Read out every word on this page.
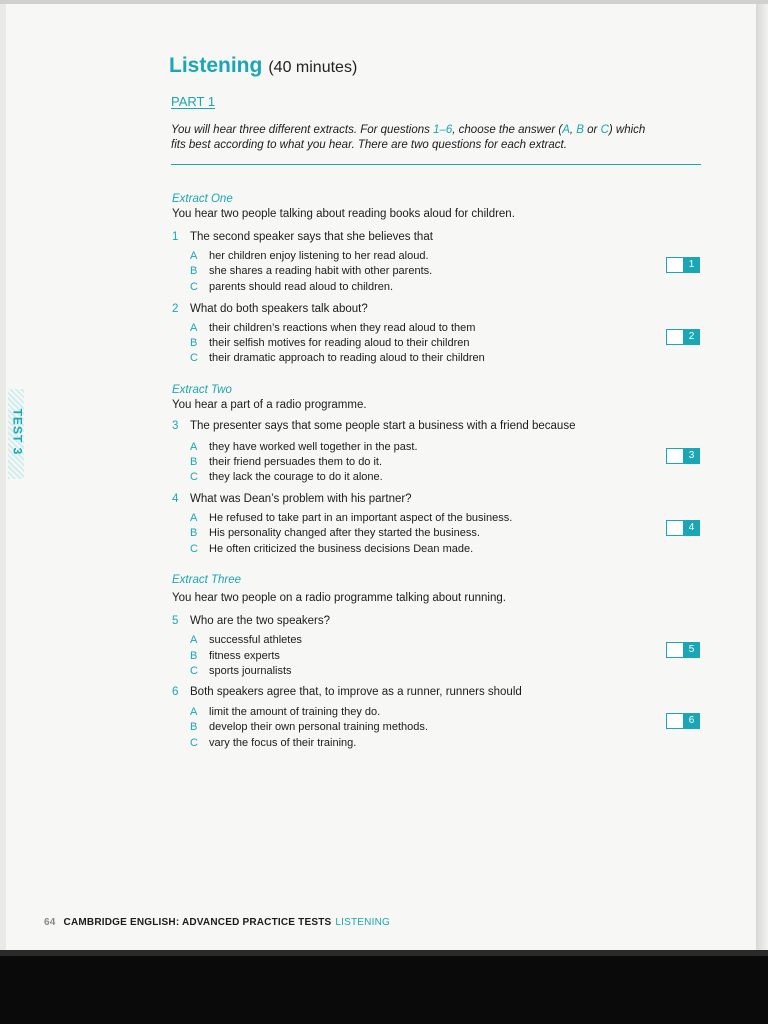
Listening (40 minutes)
PART 1
You will hear three different extracts. For questions 1–6, choose the answer (A, B or C) which
fits best according to what you hear. There are two questions for each extract.
Extract One
You hear two people talking about reading books aloud for children.
1 The second speaker says that she believes that
A her children enjoy listening to her read aloud.
B she shares a reading habit with other parents.
C parents should read aloud to children.
1
2 What do both speakers talk about?
A their children’s reactions when they read aloud to them
B their selfish motives for reading aloud to their children
C their dramatic approach to reading aloud to their children
2
Extract Two
You hear a part of a radio programme.
3 The presenter says that some people start a business with a friend because
A they have worked well together in the past.
B their friend persuades them to do it.
C they lack the courage to do it alone.
3
4 What was Dean’s problem with his partner?
A He refused to take part in an important aspect of the business.
B His personality changed after they started the business.
C He often criticized the business decisions Dean made.
4
Extract Three
You hear two people on a radio programme talking about running.
5 Who are the two speakers?
A successful athletes
B fitness experts
C sports journalists
5
6 Both speakers agree that, to improve as a runner, runners should
A limit the amount of training they do.
B develop their own personal training methods.
C vary the focus of their training.
6
TEST 3
64 CAMBRIDGE ENGLISH: ADVANCED PRACTICE TESTS LISTENING
